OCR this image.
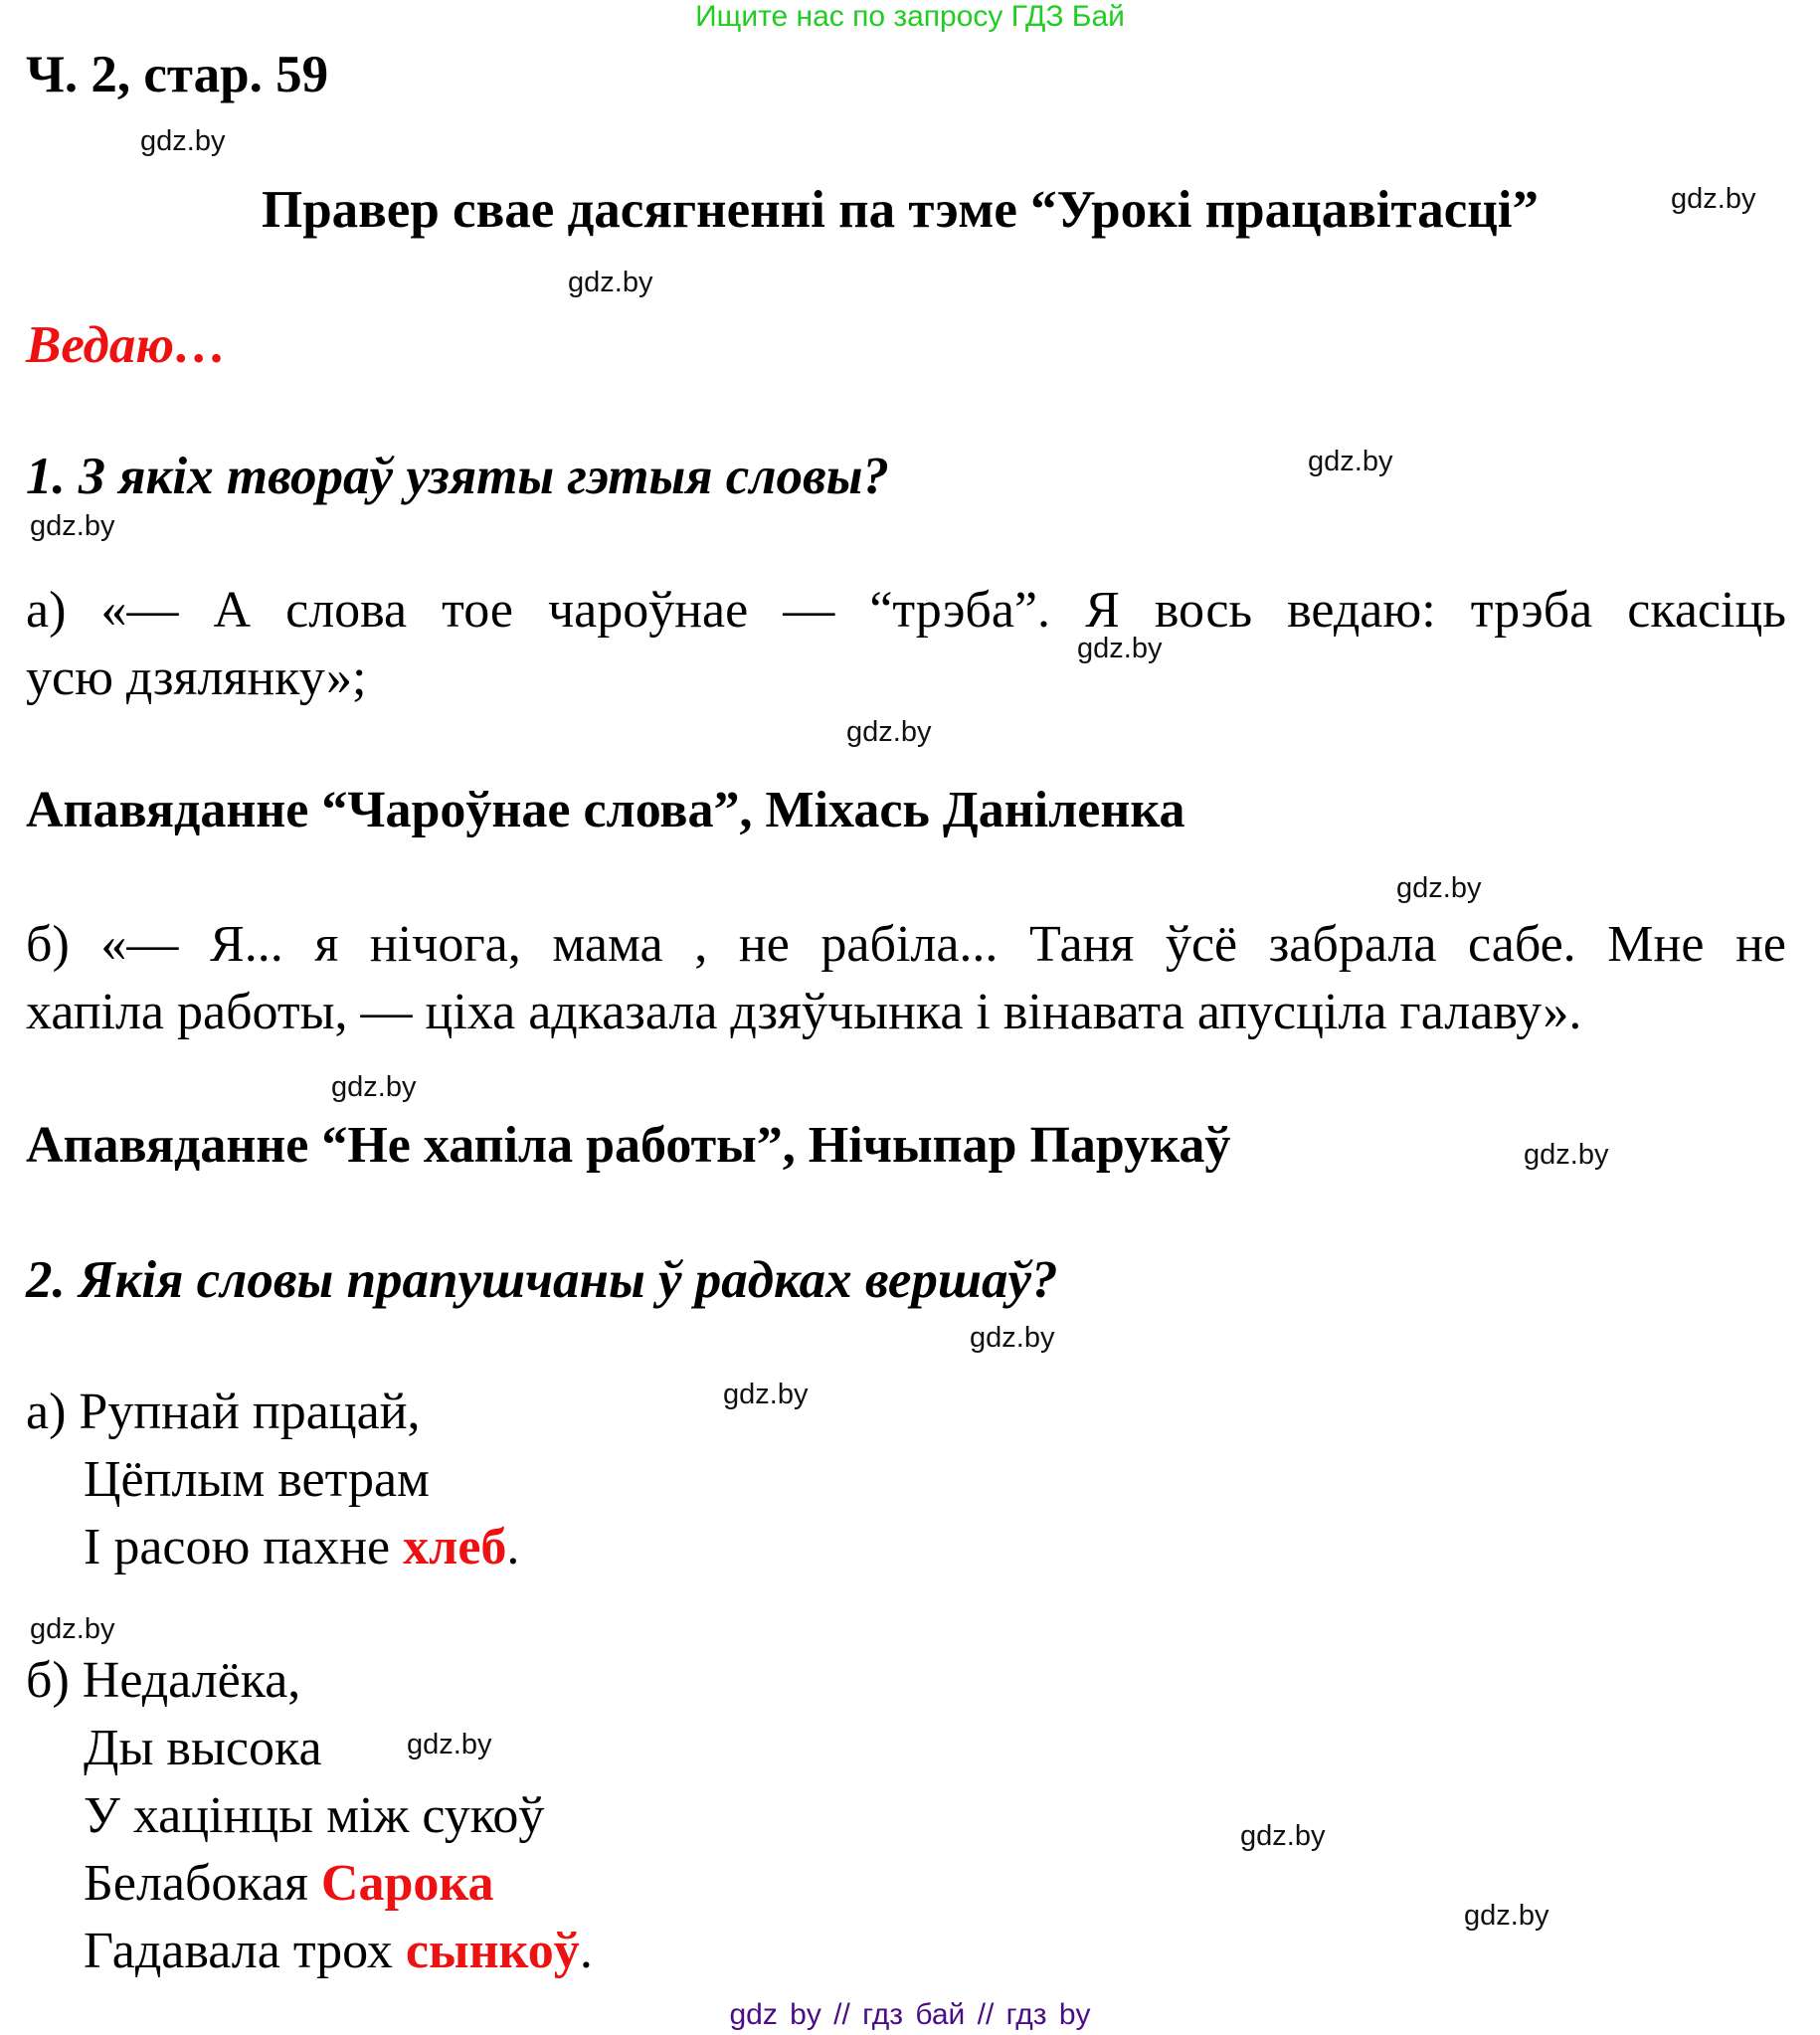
Ищите нас по запросу ГДЗ Бай
Ч. 2, стар. 59
gdz.by
Правер свае дасягненні па тэме “Урокі працавітасці”	gdz.by
gdz.by
Ведаю…
1. З якіх твораў узяты гэтыя словы?	gdz.by
gdz.by
а) «— А слова тое чароўнае — “трэба”. Я вось ведаю: трэба скасіць
усю дзялянку»;
gdz.by
gdz.by
Апавяданне “Чароўнае слова”, Міхась Даніленка
gdz.by
б) «— Я... я нічога, мама , не рабіла... Таня ўсё забрала сабе. Мне не
хапіла работы, — ціха адказала дзяўчынка і вінавата апусціла галаву».
gdz.by
Апавяданне “Не хапіла работы”, Нічыпар Парукаў	gdz.by
2. Якія словы прапушчаны ў радках вершаў?
gdz.by
gdz.by
а) Рупнай працай,
Цёплым ветрам
І расою пахне хлеб.
gdz.by
б) Недалёка,
Ды высока
У хацінцы між сукоў
Белабокая Сарока
Гадавала трох сынкоў.
gdz.by
gdz.by
gdz.by
gdz by // гдз бай // гдз by
